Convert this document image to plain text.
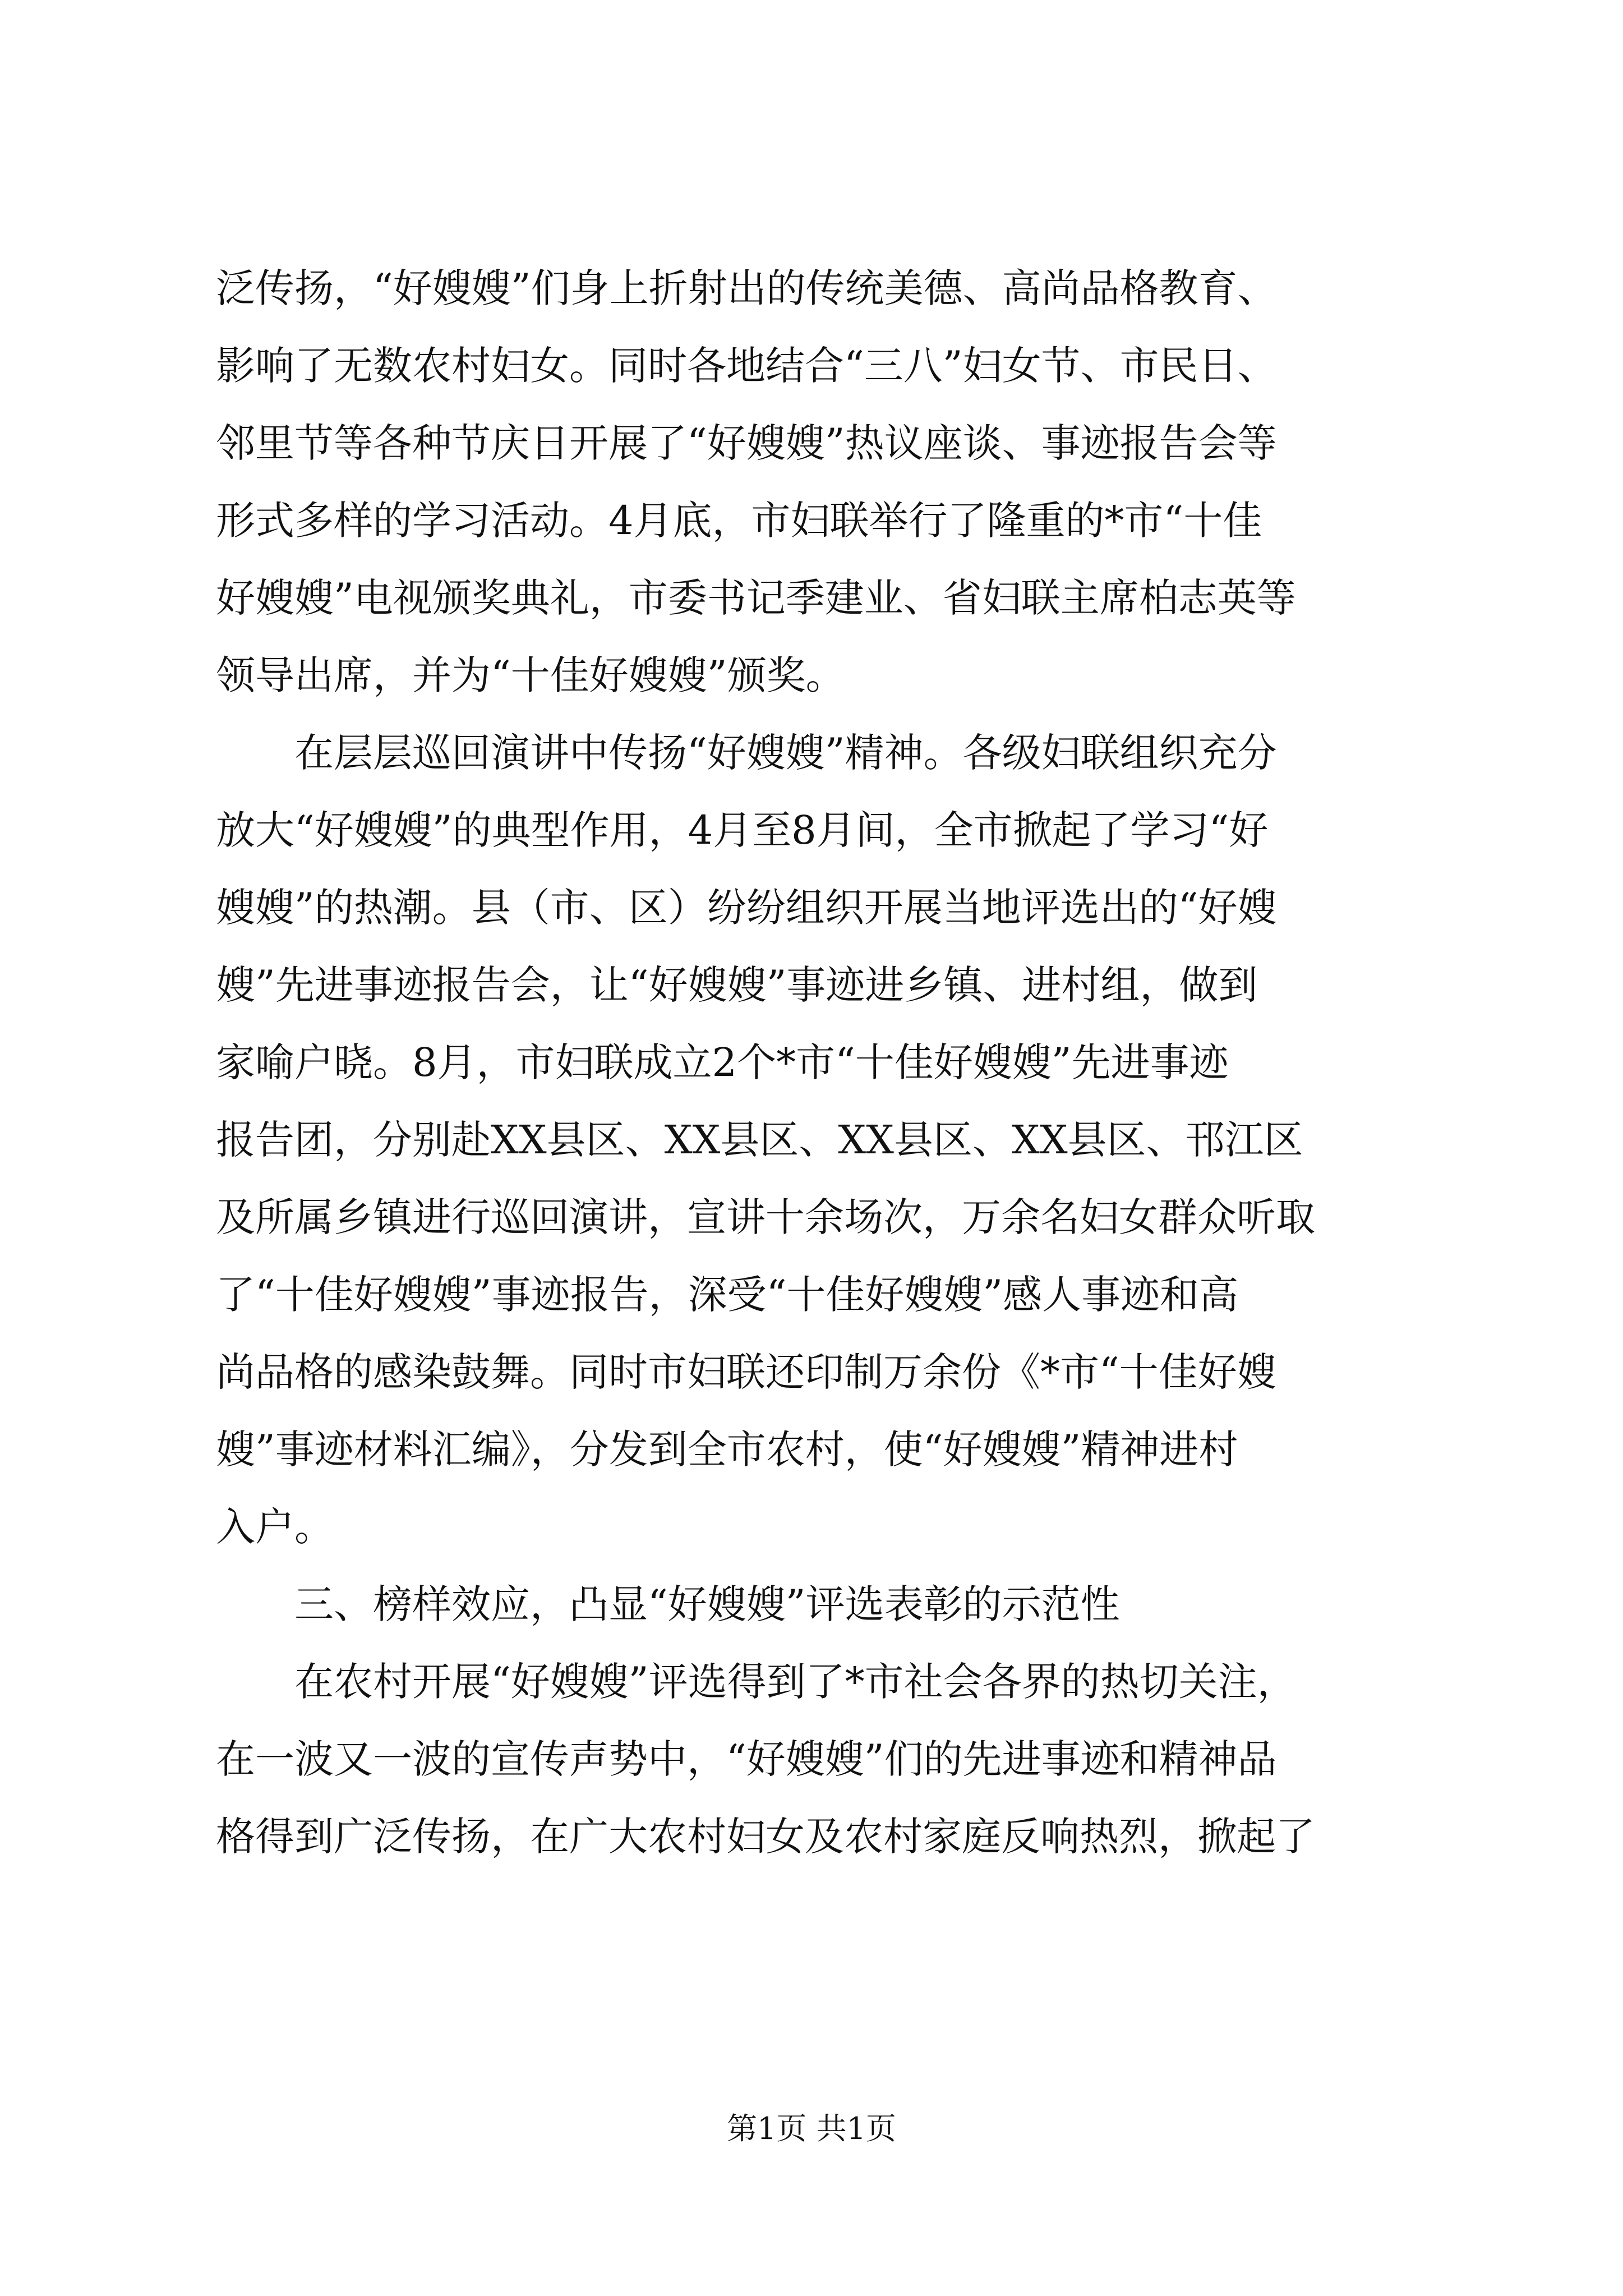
泛传扬，“好嫂嫂”们身上折射出的传统美德、高尚品格教育、
影响了无数农村妇女。同时各地结合“三八”妇女节、市民日、
邻里节等各种节庆日开展了“好嫂嫂”热议座谈、事迹报告会等
形式多样的学习活动。4月底，市妇联举行了隆重的*市“十佳
好嫂嫂”电视颁奖典礼，市委书记季建业、省妇联主席柏志英等
领导出席，并为“十佳好嫂嫂”颁奖。
　　在层层巡回演讲中传扬“好嫂嫂”精神。各级妇联组织充分
放大“好嫂嫂”的典型作用，4月至8月间，全市掀起了学习“好
嫂嫂”的热潮。县（市、区）纷纷组织开展当地评选出的“好嫂
嫂”先进事迹报告会，让“好嫂嫂”事迹进乡镇、进村组，做到
家喻户晓。8月，市妇联成立2个*市“十佳好嫂嫂”先进事迹
报告团，分别赴XX县区、XX县区、XX县区、XX县区、邗江区
及所属乡镇进行巡回演讲，宣讲十余场次，万余名妇女群众听取
了“十佳好嫂嫂”事迹报告，深受“十佳好嫂嫂”感人事迹和高
尚品格的感染鼓舞。同时市妇联还印制万余份《*市“十佳好嫂
嫂”事迹材料汇编》，分发到全市农村，使“好嫂嫂”精神进村
入户。
　　三、榜样效应，凸显“好嫂嫂”评选表彰的示范性
　　在农村开展“好嫂嫂”评选得到了*市社会各界的热切关注，
在一波又一波的宣传声势中，“好嫂嫂”们的先进事迹和精神品
格得到广泛传扬，在广大农村妇女及农村家庭反响热烈，掀起了
第1页 共1页
